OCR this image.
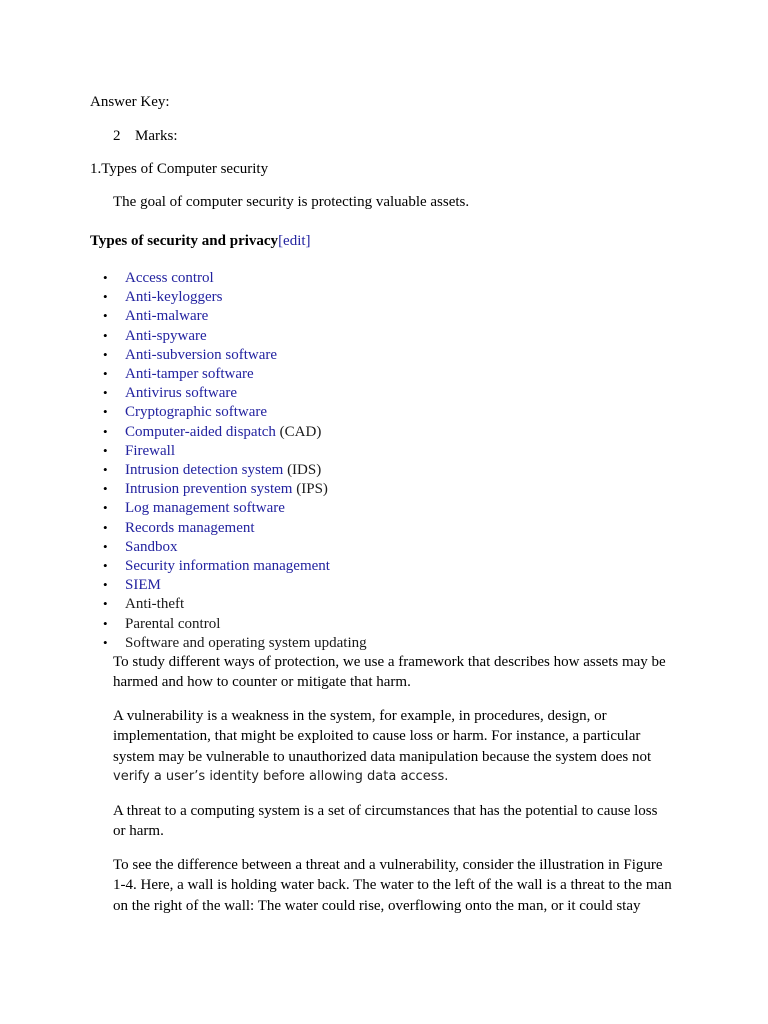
Answer Key:
2 Marks:
1.Types of Computer security
The goal of computer security is protecting valuable assets.
Types of security and privacy[edit]
• Access control
• Anti-keyloggers
• Anti-malware
• Anti-spyware
• Anti-subversion software
• Anti-tamper software
• Antivirus software
• Cryptographic software
• Computer-aided dispatch (CAD)
• Firewall
• Intrusion detection system (IDS)
• Intrusion prevention system (IPS)
• Log management software
• Records management
• Sandbox
• Security information management
• SIEM
• Anti-theft
• Parental control
• Software and operating system updating
To study different ways of protection, we use a framework that describes how assets may be
harmed and how to counter or mitigate that harm.
A vulnerability is a weakness in the system, for example, in procedures, design, or
implementation, that might be exploited to cause loss or harm. For instance, a particular
system may be vulnerable to unauthorized data manipulation because the system does not
verify a user’s identity before allowing data access.
A threat to a computing system is a set of circumstances that has the potential to cause loss
or harm.
To see the difference between a threat and a vulnerability, consider the illustration in Figure
1-4. Here, a wall is holding water back. The water to the left of the wall is a threat to the man
on the right of the wall: The water could rise, overflowing onto the man, or it could stay
